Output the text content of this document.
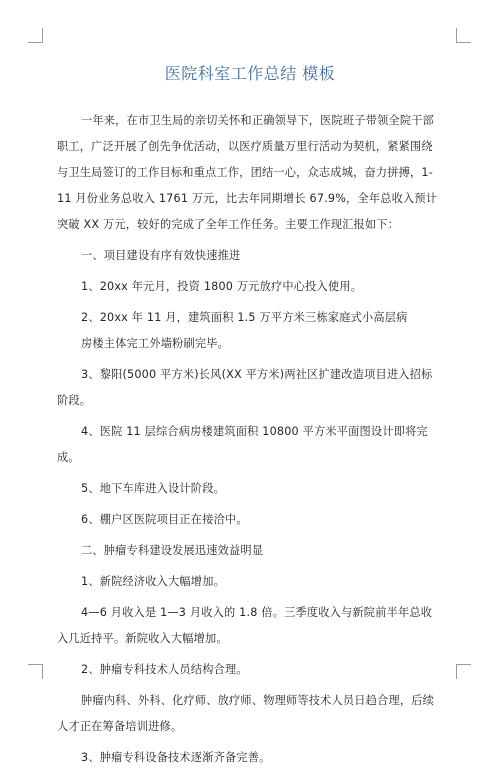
医院科室工作总结 模板

一年来，在市卫生局的亲切关怀和正确领导下，医院班子带领全院干部职工，广泛开展了创先争优活动，以医疗质量万里行活动为契机，紧紧围绕与卫生局签订的工作目标和重点工作，团结一心，众志成城，奋力拼搏，1-11 月份业务总收入 1761 万元，比去年同期增长 67.9%，全年总收入预计突破 XX 万元，较好的完成了全年工作任务。主要工作现汇报如下：

一、项目建设有序有效快速推进

1、20xx 年元月，投资 1800 万元放疗中心投入使用。

2、20xx 年 11 月，建筑面积 1.5 万平方米三栋家庭式小高层病

房楼主体完工外墙粉刷完毕。

3、黎阳(5000 平方米)长风(XX 平方米)两社区扩建改造项目进入招标阶段。

4、医院 11 层综合病房楼建筑面积 10800 平方米平面图设计即将完成。

5、地下车库进入设计阶段。

6、棚户区医院项目正在接洽中。

二、肿瘤专科建设发展迅速效益明显

1、新院经济收入大幅增加。

4—6 月收入是 1—3 月收入的 1.8 倍。三季度收入与新院前半年总收入几近持平。新院收入大幅增加。

2、肿瘤专科技术人员结构合理。

肿瘤内科、外科、化疗师、放疗师、物理师等技术人员日趋合理，后续人才正在筹备培训进修。

3、肿瘤专科设备技术逐渐齐备完善。
